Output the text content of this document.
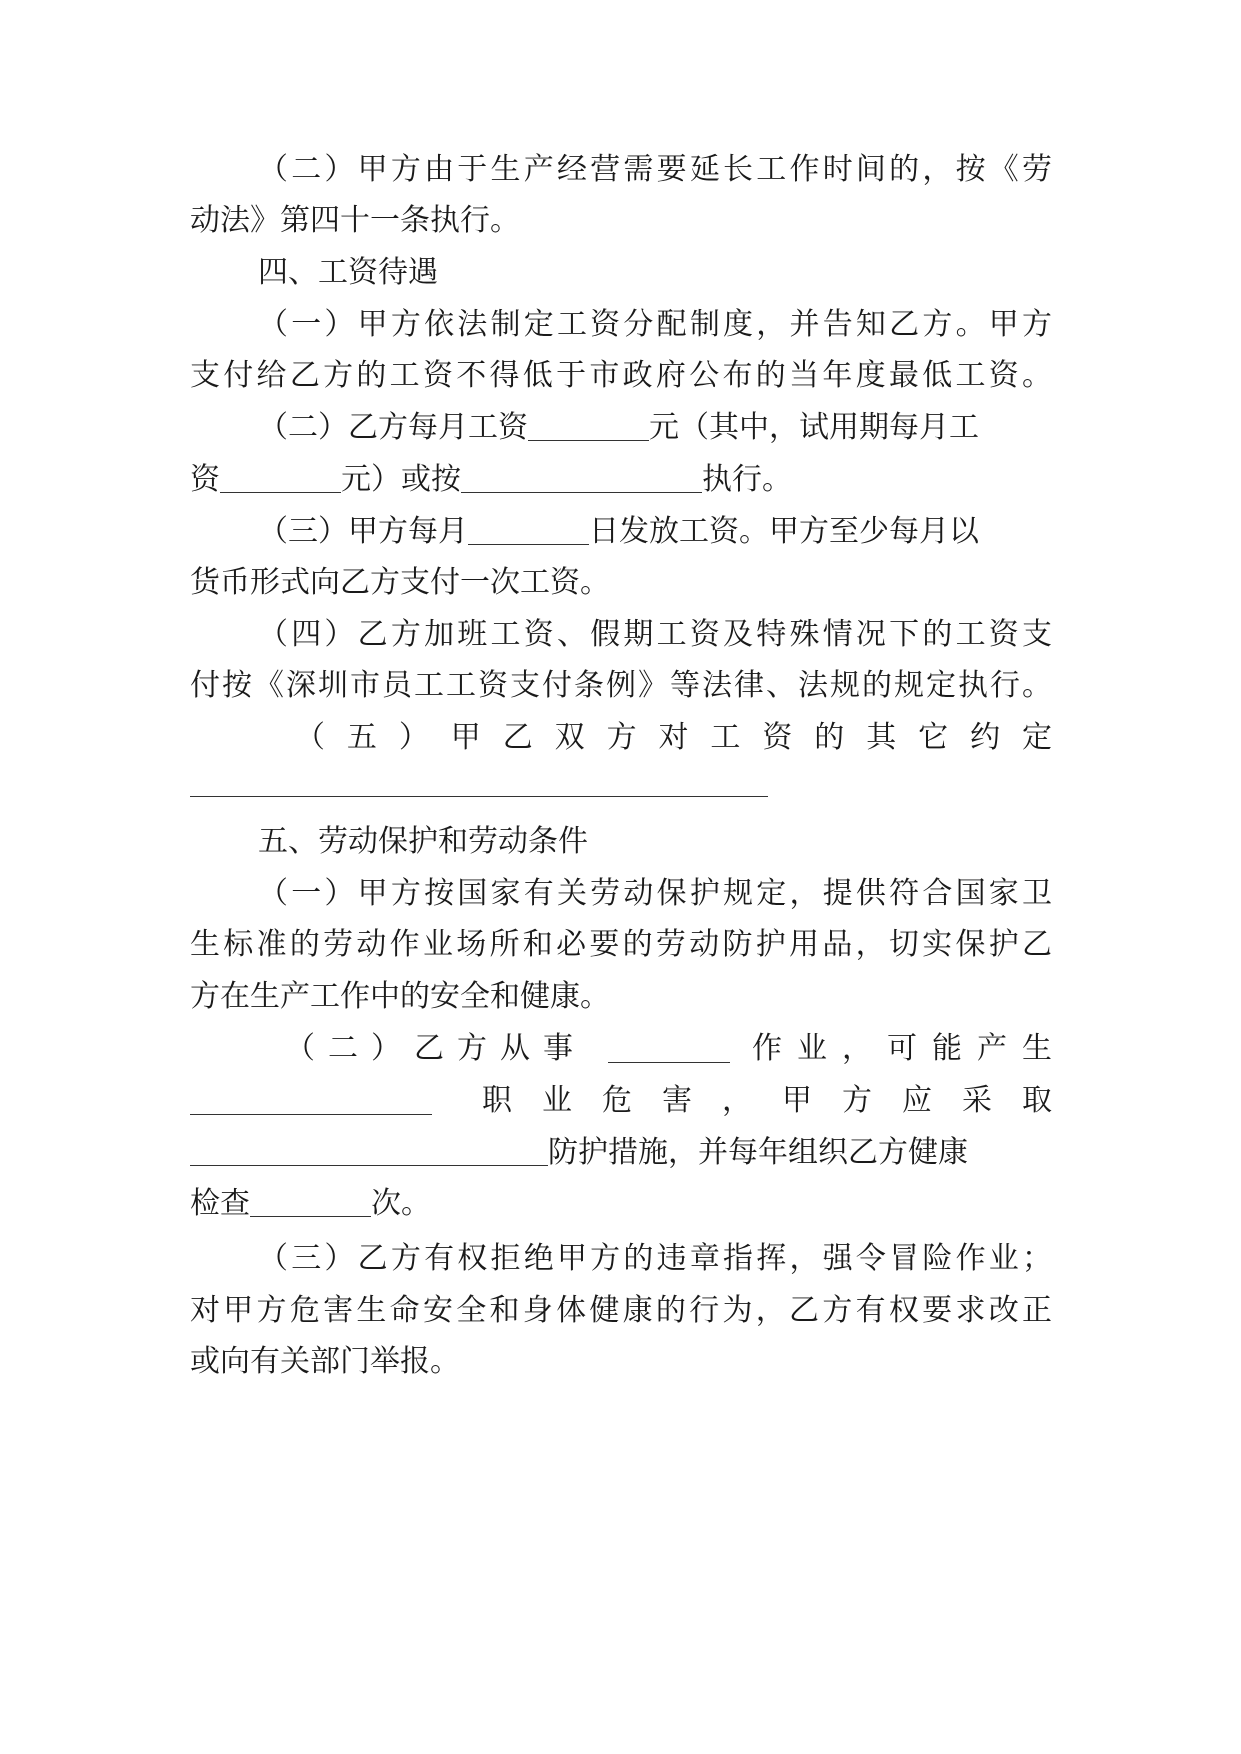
（二）甲方由于生产经营需要延长工作时间的，按《劳
动法》第四十一条执行。
四、工资待遇
（一）甲方依法制定工资分配制度，并告知乙方。甲方
支付给乙方的工资不得低于市政府公布的当年度最低工资。
（二）乙方每月工资	元（其中，试用期每月工
资	元）或按	执行。
（三）甲方每月	日发放工资。甲方至少每月以
货币形式向乙方支付一次工资。
（四）乙方加班工资、假期工资及特殊情况下的工资支
付按《深圳市员工工资支付条例》等法律、法规的规定执行。
（五）甲乙双方对工资的其它约定
五、劳动保护和劳动条件
（一）甲方按国家有关劳动保护规定，提供符合国家卫
生标准的劳动作业场所和必要的劳动防护用品，切实保护乙
方在生产工作中的安全和健康。
（二）乙方从事	作业，可能产生
职业危害，甲方应采取
防护措施，并每年组织乙方健康
检查	次。
（三）乙方有权拒绝甲方的违章指挥，强令冒险作业；
对甲方危害生命安全和身体健康的行为，乙方有权要求改正
或向有关部门举报。
